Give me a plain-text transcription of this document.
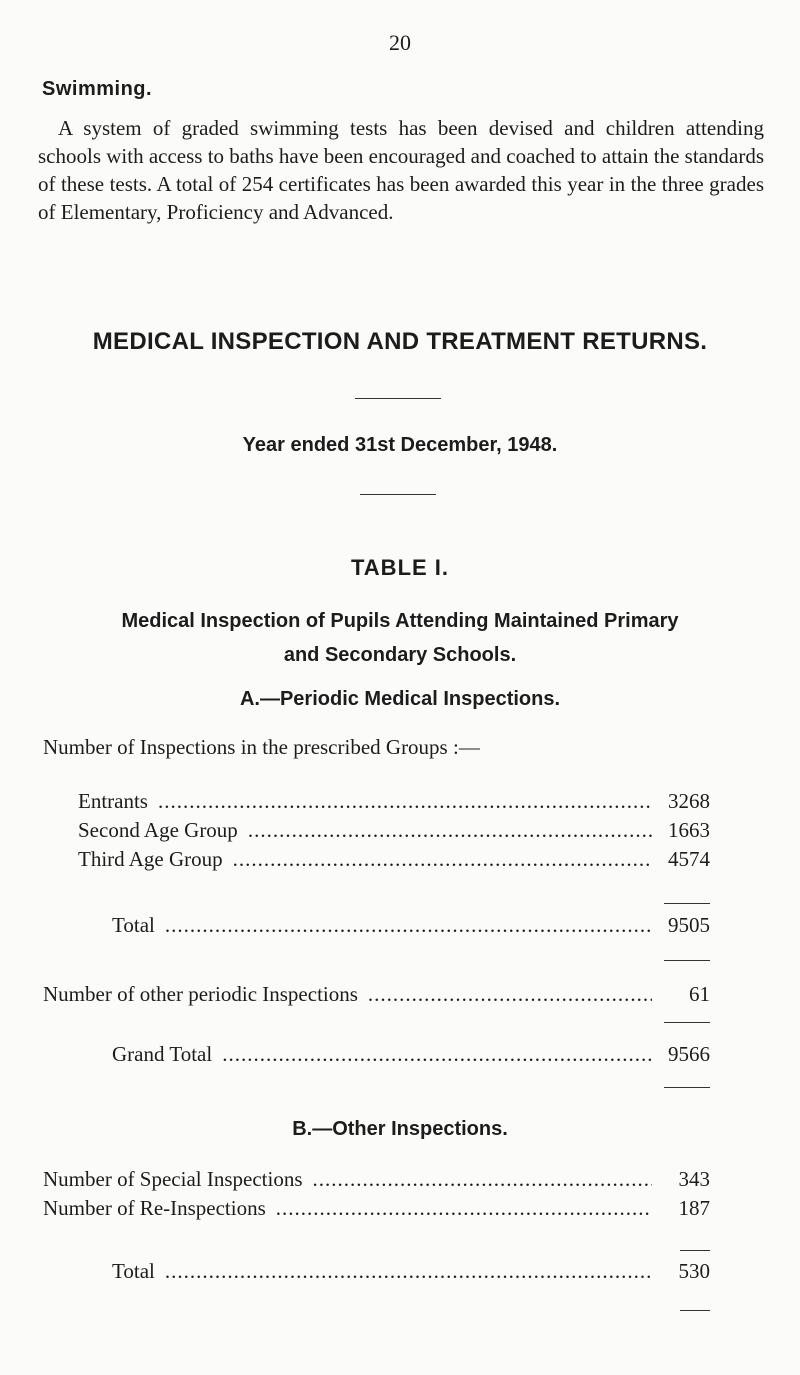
20
Swimming.
A system of graded swimming tests has been devised and children attending schools with access to baths have been encouraged and coached to attain the standards of these tests. A total of 254 certificates has been awarded this year in the three grades of Elementary, Proficiency and Advanced.
MEDICAL INSPECTION AND TREATMENT RETURNS.
Year ended 31st December, 1948.
TABLE I.
Medical Inspection of Pupils Attending Maintained Primary
and Secondary Schools.
A.—Periodic Medical Inspections.
Number of Inspections in the prescribed Groups :—
Entrants .....	3268
Second Age Group .....	1663
Third Age Group .....	4574
Total .....	9505
Number of other periodic Inspections .....	61
Grand Total .....	9566
B.—Other Inspections.
Number of Special Inspections .....	343
Number of Re-Inspections .....	187
Total .....	530
